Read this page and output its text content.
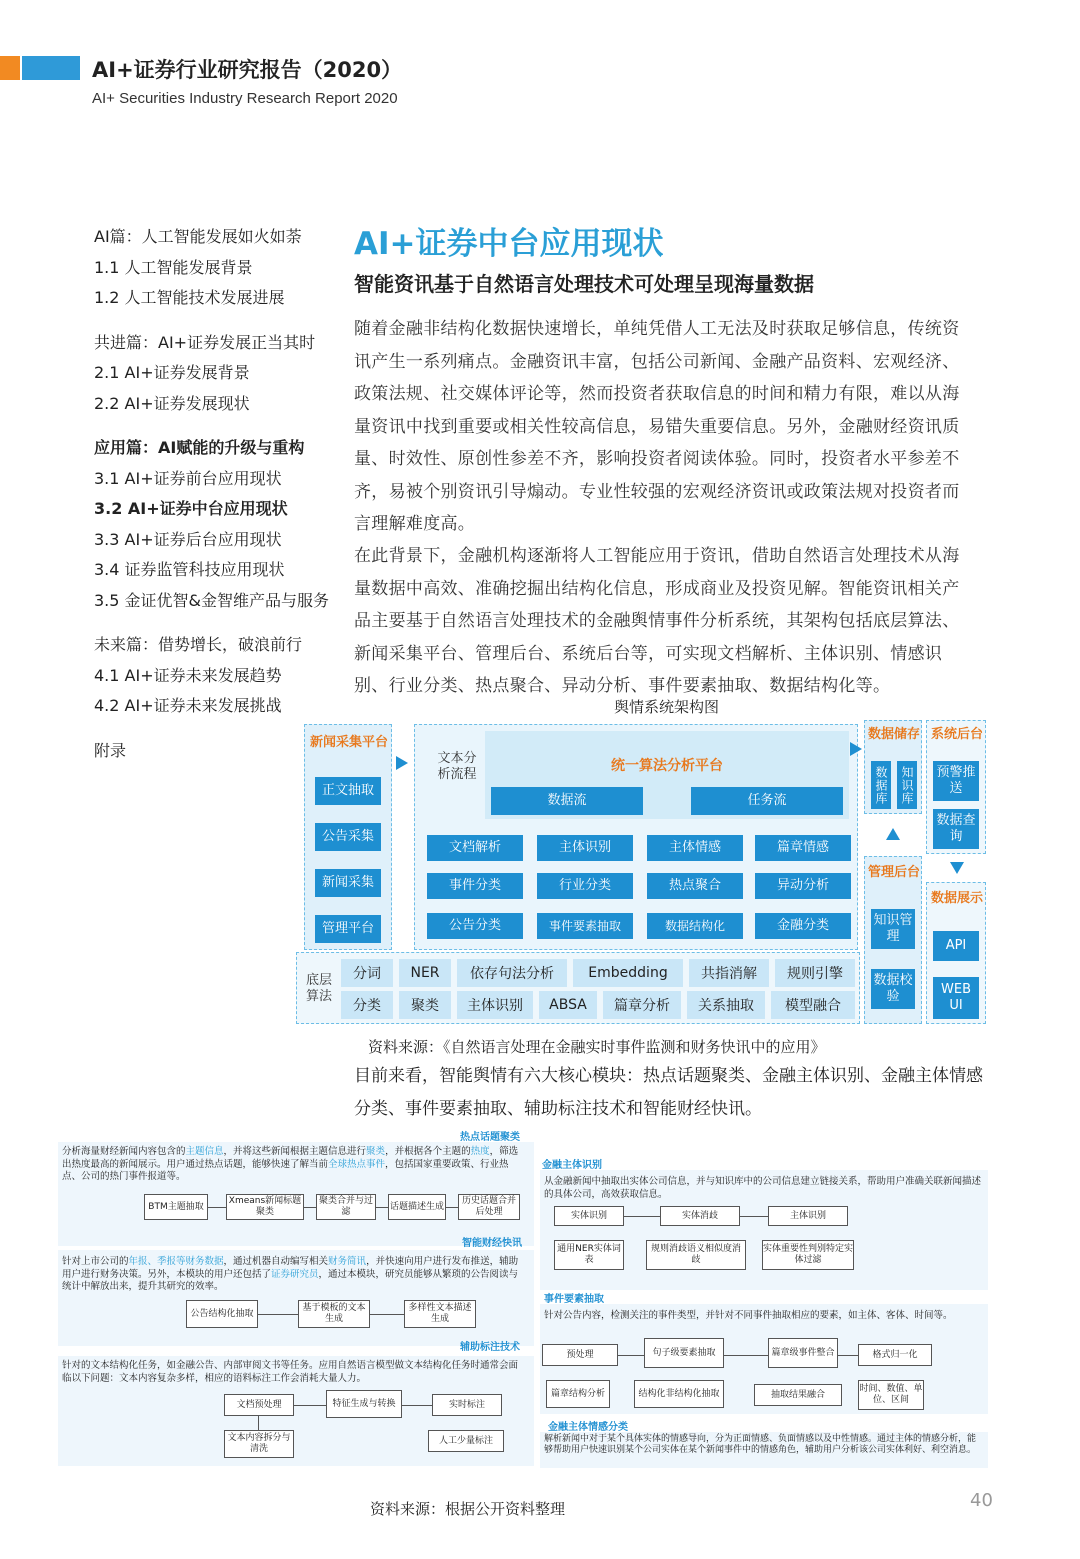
AI+证券行业研究报告（2020）
AI+ Securities Industry Research Report 2020
AI篇：人工智能发展如火如荼
1.1 人工智能发展背景
1.2 人工智能技术发展进展
共进篇：AI+证券发展正当其时
2.1 AI+证券发展背景
2.2 AI+证券发展现状
应用篇：AI赋能的升级与重构
3.1 AI+证券前台应用现状
3.2 AI+证券中台应用现状
3.3 AI+证券后台应用现状
3.4 证券监管科技应用现状
3.5 金证优智&金智维产品与服务
未来篇：借势增长，破浪前行
4.1 AI+证券未来发展趋势
4.2 AI+证券未来发展挑战
附录
AI+证券中台应用现状
智能资讯基于自然语言处理技术可处理呈现海量数据
随着金融非结构化数据快速增长，单纯凭借人工无法及时获取足够信息，传统资讯产生一系列痛点。金融资讯丰富，包括公司新闻、金融产品资料、宏观经济、政策法规、社交媒体评论等，然而投资者获取信息的时间和精力有限，难以从海量资讯中找到重要或相关性较高信息，易错失重要信息。另外，金融财经资讯质量、时效性、原创性参差不齐，影响投资者阅读体验。同时，投资者水平参差不齐，易被个别资讯引导煽动。专业性较强的宏观经济资讯或政策法规对投资者而言理解难度高。
在此背景下，金融机构逐渐将人工智能应用于资讯，借助自然语言处理技术从海量数据中高效、准确挖掘出结构化信息，形成商业及投资见解。智能资讯相关产品主要基于自然语言处理技术的金融舆情事件分析系统，其架构包括底层算法、新闻采集平台、管理后台、系统后台等，可实现文档解析、主体识别、情感识别、行业分类、热点聚合、异动分析、事件要素抽取、数据结构化等。
舆情系统架构图
新闻采集平台
正文抽取
公告采集
新闻采集
管理平台
文本分析流程
统一算法分析平台
数据流	任务流
文档解析	主体识别	主体情感	篇章情感
事件分类	行业分类	热点聚合	异动分析
公告分类	事件要素抽取	数据结构化	金融分类
底层算法
分词	NER	依存句法分析	Embedding	共指消解	规则引擎
分类	聚类	主体识别	ABSA	篇章分析	关系抽取	模型融合
数据储存
数据库 知识库
系统后台
预警推送
数据查询
管理后台
知识管理
数据校验
数据展示
API
WEB UI
资料来源：《自然语言处理在金融实时事件监测和财务快讯中的应用》
目前来看，智能舆情有六大核心模块：热点话题聚类、金融主体识别、金融主体情感分类、事件要素抽取、辅助标注技术和智能财经快讯。
热点话题聚类
分析海量财经新闻内容包含的主题信息，并将这些新闻根据主题信息进行聚类，并根据各个主题的热度，筛选出热度最高的新闻展示。用户通过热点话题，能够快速了解当前全球热点事件，包括国家重要政策、行业热点、公司的热门事件报道等。
BTM主题抽取
Xmeans新闻标题聚类
聚类合并与过滤
话题描述生成
历史话题合并后处理
智能财经快讯
针对上市公司的年报、季报等财务数据，通过机器自动编写相关财务简讯，并快速向用户进行发布推送，辅助用户进行财务决策。另外，本模块的用户还包括了证券研究员，通过本模块，研究员能够从繁琐的公告阅读与统计中解放出来，提升其研究的效率。
公告结构化抽取
基于模板的文本生成
多样性文本描述生成
辅助标注技术
针对的文本结构化任务，如金融公告、内部审阅文书等任务。应用自然语言模型做文本结构化任务时通常会面临以下问题：文本内容复杂多样，相应的语料标注工作会消耗大量人力。
文档预处理	特征生成与转换	实时标注
文本内容拆分与清洗
人工少量标注
金融主体识别
从金融新闻中抽取出实体公司信息，并与知识库中的公司信息建立链接关系，帮助用户准确关联新闻描述的具体公司，高效获取信息。
实体识别	实体消歧	主体识别
通用NER实体词表
规则消歧语义相似度消歧
实体重要性判别特定实体过滤
事件要素抽取
针对公告内容，检测关注的事件类型，并针对不同事件抽取相应的要素，如主体、客体、时间等。
预处理	句子级要素抽取	篇章级事件整合	格式归一化
篇章结构分析	结构化非结构化抽取	抽取结果融合
时间、数值、单位、区间
金融主体情感分类
解析新闻中对于某个具体实体的情感导向，分为正面情感、负面情感以及中性情感。通过主体的情感分析，能够帮助用户快速识别某个公司实体在某个新闻事件中的情感角色，辅助用户分析该公司实体利好、利空消息。
资料来源：根据公开资料整理	40
